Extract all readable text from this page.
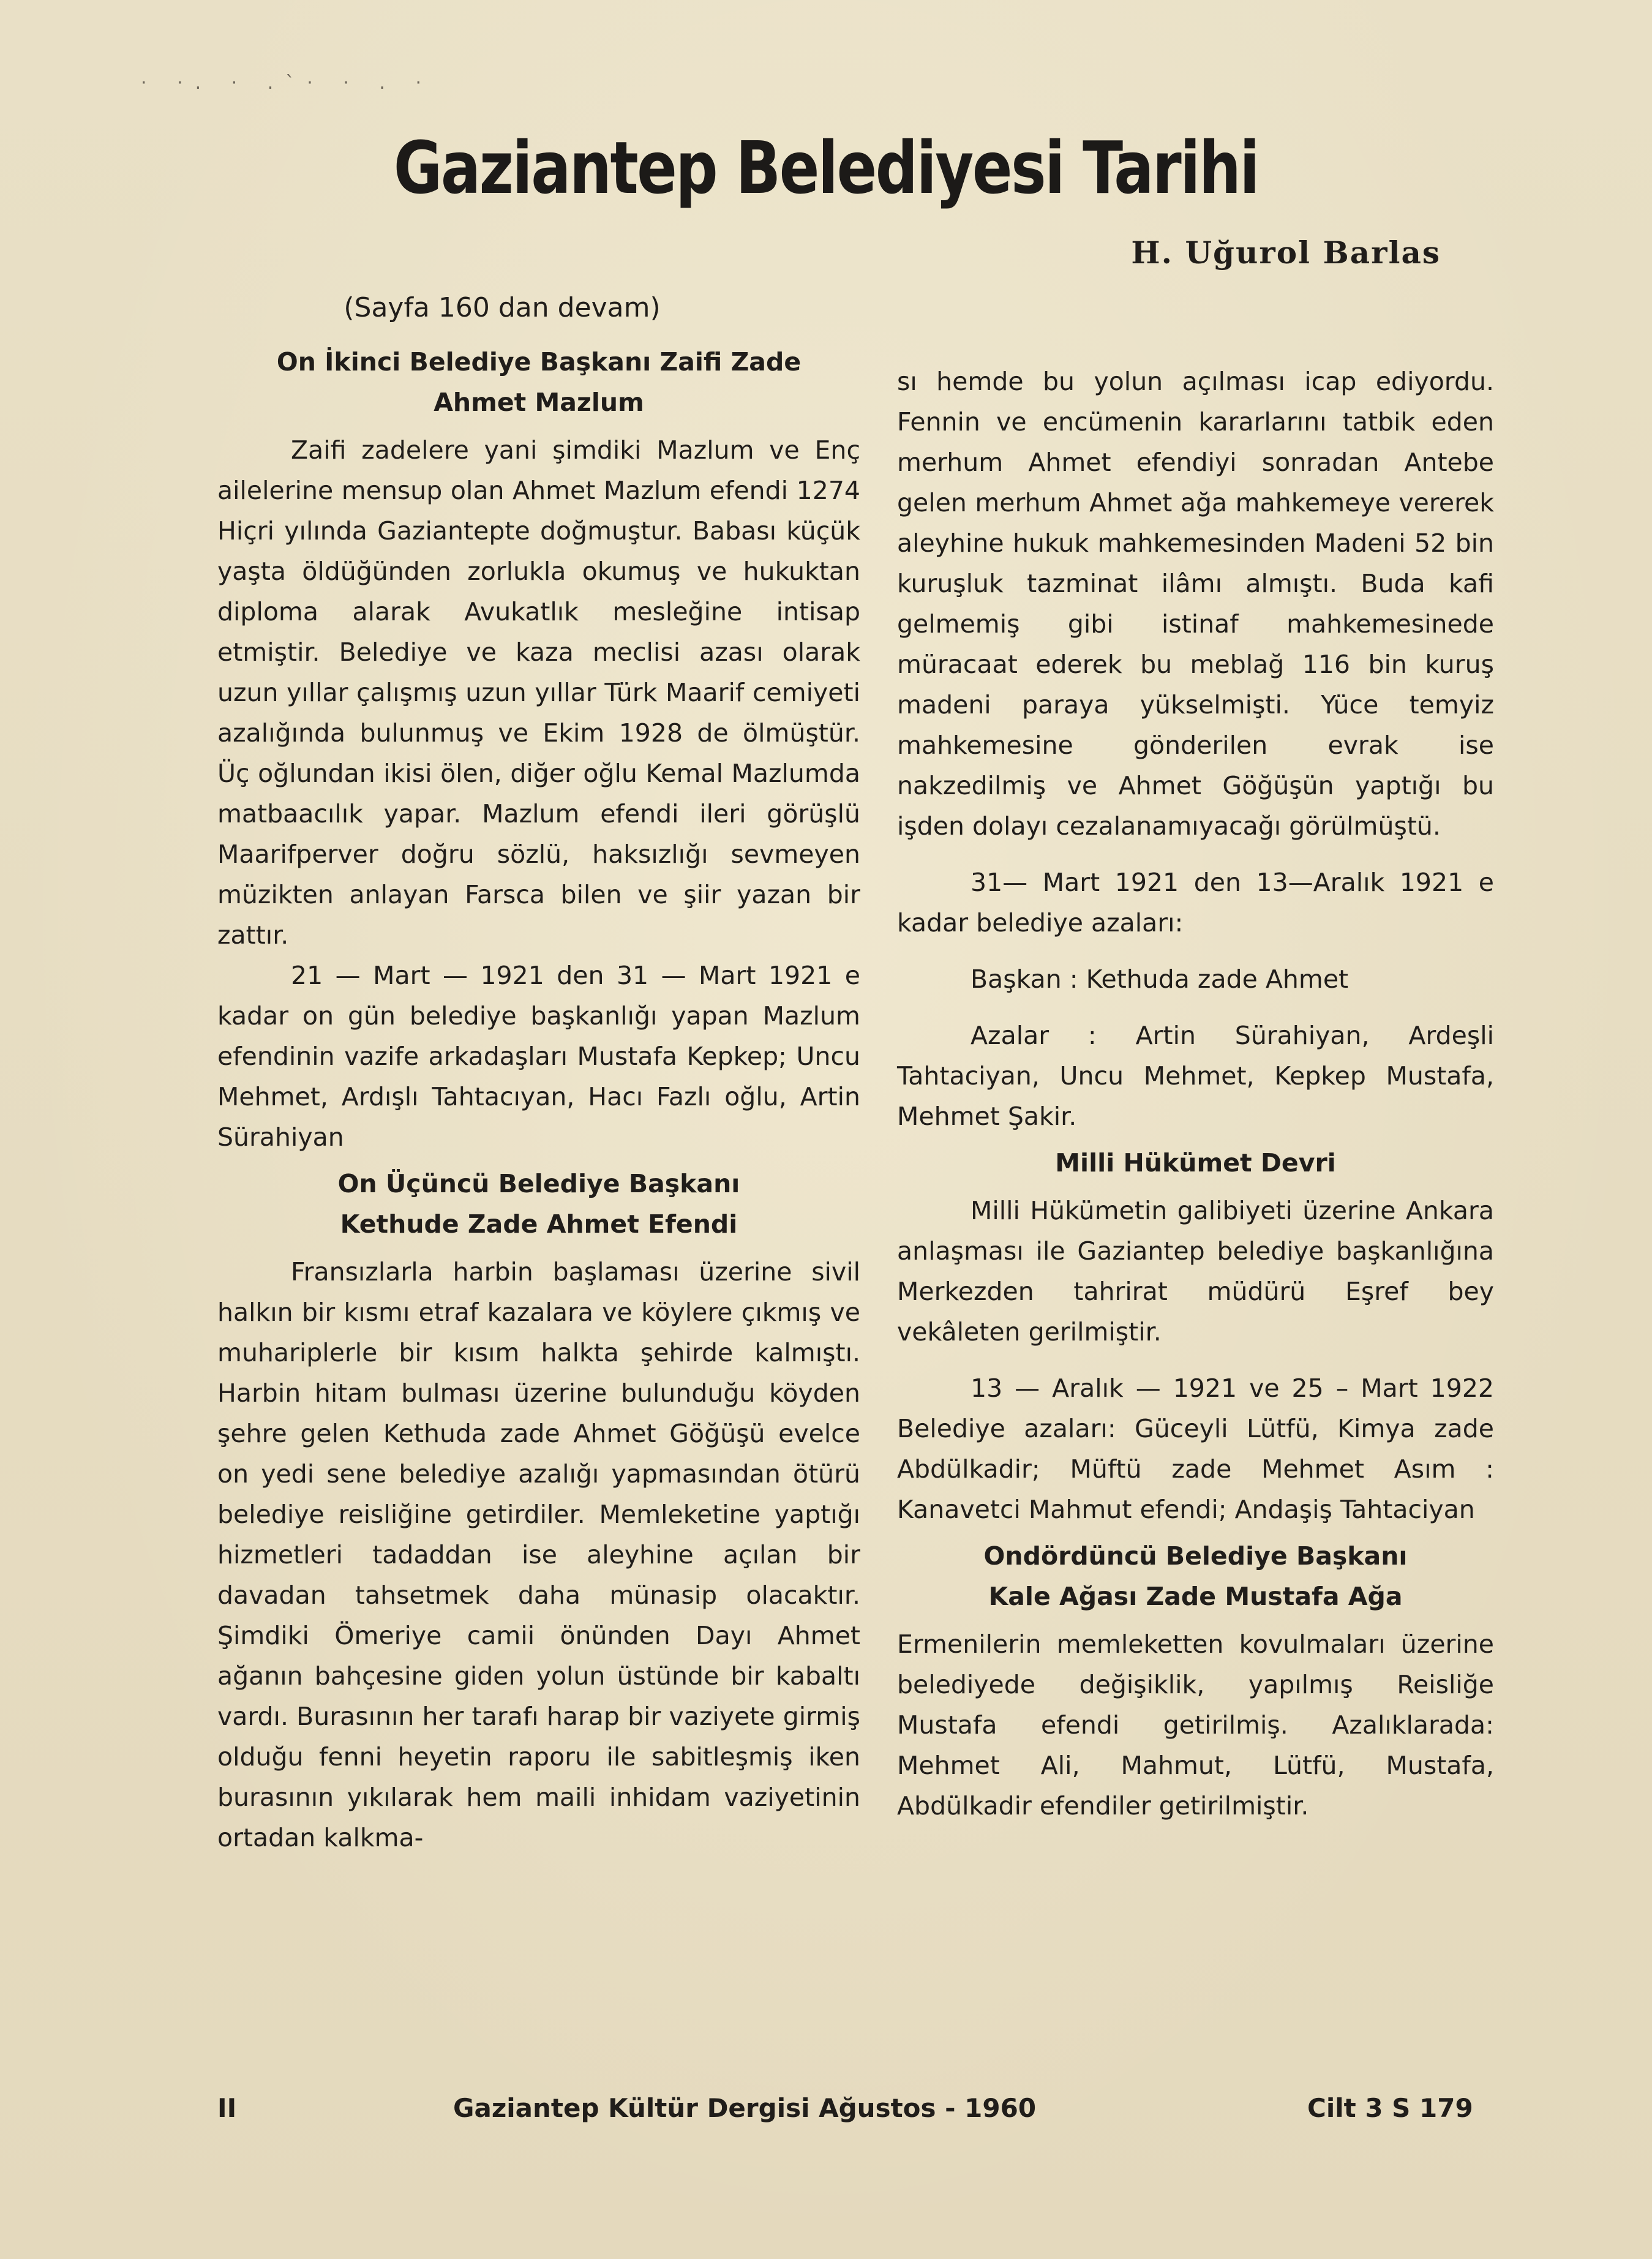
· ·. · .`· · . ·
Gaziantep Belediyesi Tarihi
H. Uğurol Barlas
(Sayfa 160 dan devam)
On İkinci Belediye Başkanı Zaifi Zade
Ahmet Mazlum

Zaifi zadelere yani şimdiki Mazlum ve Enç ailelerine mensup olan Ahmet Mazlum efendi 1274 Hiçri yılında Gaziantepte doğmuştur. Babası küçük yaşta öldüğünden zorlukla okumuş ve hukuktan diploma alarak Avukatlık mesleğine intisap etmiştir. Belediye ve kaza meclisi azası olarak uzun yıllar çalışmış uzun yıllar Türk Maarif cemiyeti azalığında bulunmuş ve Ekim 1928 de ölmüştür. Üç oğlundan ikisi ölen, diğer oğlu Kemal Mazlumda matbaacılık yapar. Mazlum efendi ileri görüşlü Maarifperver doğru sözlü, haksızlığı sevmeyen müzikten anlayan Farsca bilen ve şiir yazan bir zattır.

21 — Mart — 1921 den 31 — Mart 1921 e kadar on gün belediye başkanlığı yapan Mazlum efendinin vazife arkadaşları Mustafa Kepkep; Uncu Mehmet, Ardışlı Tahtacıyan, Hacı Fazlı oğlu, Artin Sürahiyan

On Üçüncü Belediye Başkanı
Kethude Zade Ahmet Efendi

Fransızlarla harbin başlaması üzerine sivil halkın bir kısmı etraf kazalara ve köylere çıkmış ve muhariplerle bir kısım halkta şehirde kalmıştı. Harbin hitam bulması üzerine bulunduğu köyden şehre gelen Kethuda zade Ahmet Göğüşü evelce on yedi sene belediye azalığı yapmasından ötürü belediye reisliğine getirdiler. Memleketine yaptığı hizmetleri tadaddan ise aleyhine açılan bir davadan tahsetmek daha münasip olacaktır. Şimdiki Ömeriye camii önünden Dayı Ahmet ağanın bahçesine giden yolun üstünde bir kabaltı vardı. Burasının her tarafı harap bir vaziyete girmiş olduğu fenni heyetin raporu ile sabitleşmiş iken burasının yıkılarak hem maili inhidam vaziyetinin ortadan kalkma-

sı hemde bu yolun açılması icap ediyordu. Fennin ve encümenin kararlarını tatbik eden merhum Ahmet efendiyi sonradan Antebe gelen merhum Ahmet ağa mahkemeye vererek aleyhine hukuk mahkemesinden Madeni 52 bin kuruşluk tazminat ilâmı almıştı. Buda kafi gelmemiş gibi istinaf mahkemesinede müracaat ederek bu meblağ 116 bin kuruş madeni paraya yükselmişti. Yüce temyiz mahkemesine gönderilen evrak ise nakzedilmiş ve Ahmet Göğüşün yaptığı bu işden dolayı cezalanamıyacağı görülmüştü.

31— Mart 1921 den 13—Aralık 1921 e kadar belediye azaları:

Başkan : Kethuda zade Ahmet

Azalar : Artin Sürahiyan, Ardeşli Tahtaciyan, Uncu Mehmet, Kepkep Mustafa, Mehmet Şakir.

Milli Hükümet Devri

Milli Hükümetin galibiyeti üzerine Ankara anlaşması ile Gaziantep belediye başkanlığına Merkezden tahrirat müdürü Eşref bey vekâleten gerilmiştir.

13 — Aralık — 1921 ve 25 – Mart 1922 Belediye azaları: Güceyli Lütfü, Kimya zade Abdülkadir; Müftü zade Mehmet Asım : Kanavetci Mahmut efendi; Andaşiş Tahtaciyan

Ondördüncü Belediye Başkanı
Kale Ağası Zade Mustafa Ağa

Ermenilerin memleketten kovulmaları üzerine belediyede değişiklik, yapılmış Reisliğe Mustafa efendi getirilmiş. Azalıklarada: Mehmet Ali, Mahmut, Lütfü, Mustafa, Abdülkadir efendiler getirilmiştir.

II	Gaziantep Kültür Dergisi Ağustos - 1960	Cilt 3 S 179
